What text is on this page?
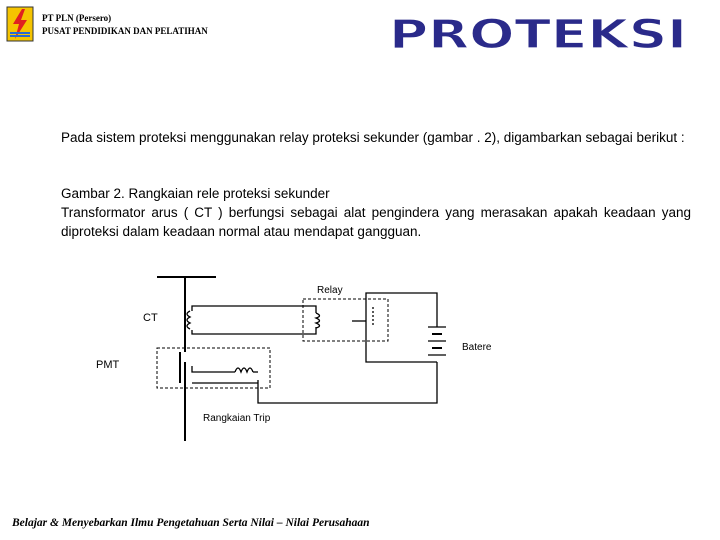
PT PLN (Persero)
PUSAT PENDIDIKAN DAN PELATIHAN	PROTEKSI
Pada sistem proteksi menggunakan relay proteksi sekunder (gambar . 2), digambarkan sebagai berikut :
Gambar 2. Rangkaian rele proteksi sekunder
Transformator arus ( CT ) berfungsi sebagai alat pengindera yang merasakan apakah keadaan yang diproteksi dalam keadaan normal atau mendapat gangguan.
Relay
CT
Batere
PMT
Rangkaian Trip
Belajar & Menyebarkan Ilmu Pengetahuan Serta Nilai – Nilai Perusahaan
